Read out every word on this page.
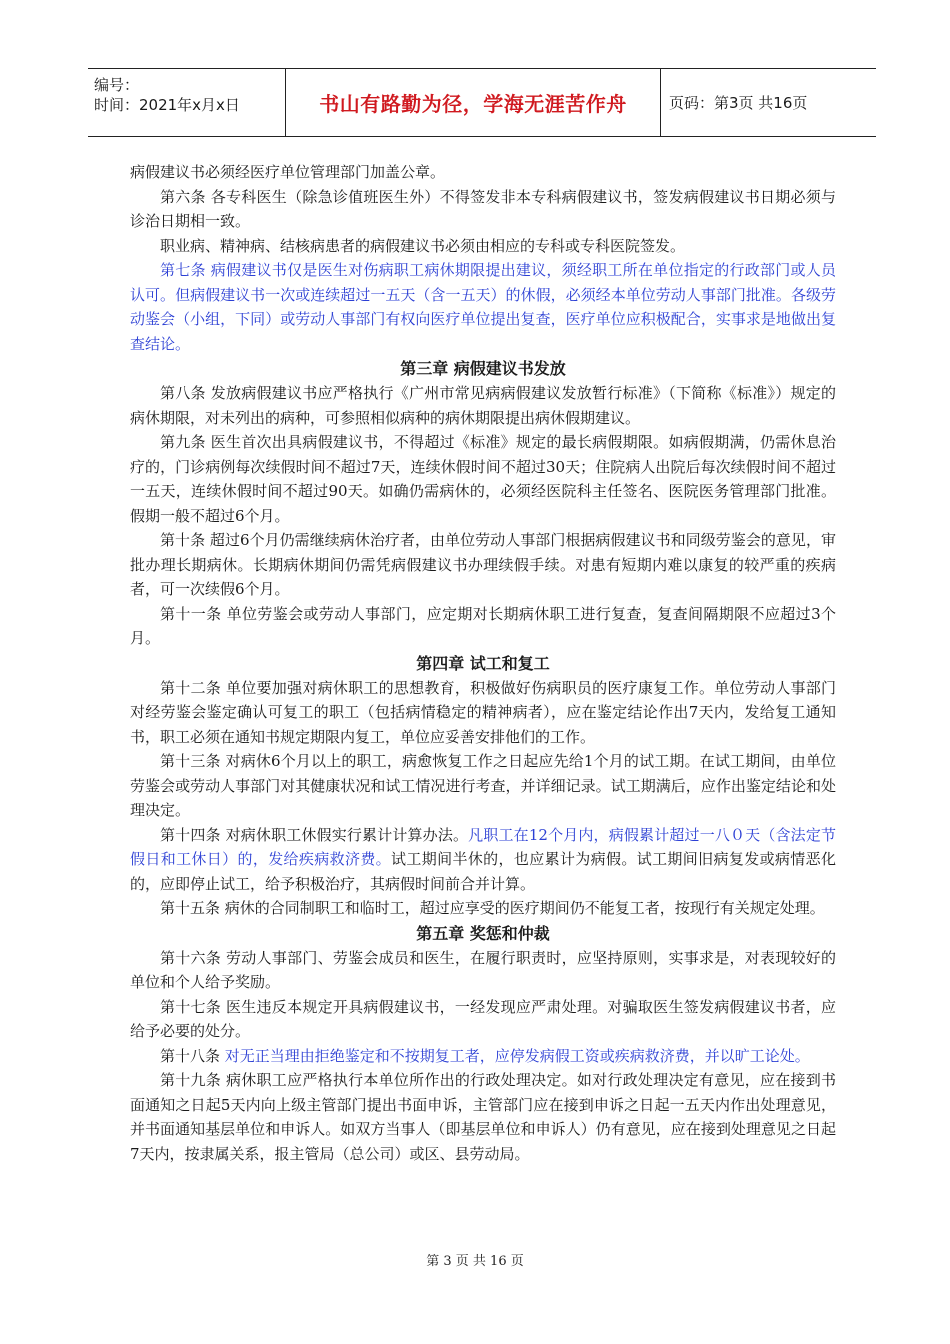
编号：
时间：2021年x月x日	书山有路勤为径，学海无涯苦作舟	页码：第3页 共16页

病假建议书必须经医疗单位管理部门加盖公章。

第六条 各专科医生（除急诊值班医生外）不得签发非本专科病假建议书，签发病假建议书日期必须与诊治日期相一致。

职业病、精神病、结核病患者的病假建议书必须由相应的专科或专科医院签发。

第七条 病假建议书仅是医生对伤病职工病休期限提出建议，须经职工所在单位指定的行政部门或人员认可。但病假建议书一次或连续超过一五天（含一五天）的休假，必须经本单位劳动人事部门批准。各级劳动鉴会（小组，下同）或劳动人事部门有权向医疗单位提出复查，医疗单位应积极配合，实事求是地做出复查结论。

第三章 病假建议书发放

第八条 发放病假建议书应严格执行《广州市常见病病假建议发放暂行标准》（下简称《标准》）规定的病休期限，对未列出的病种，可参照相似病种的病休期限提出病休假期建议。

第九条 医生首次出具病假建议书，不得超过《标准》规定的最长病假期限。如病假期满，仍需休息治疗的，门诊病例每次续假时间不超过7天，连续休假时间不超过30天；住院病人出院后每次续假时间不超过一五天，连续休假时间不超过90天。如确仍需病休的，必须经医院科主任签名、医院医务管理部门批准。假期一般不超过6个月。

第十条 超过6个月仍需继续病休治疗者，由单位劳动人事部门根据病假建议书和同级劳鉴会的意见，审批办理长期病休。长期病休期间仍需凭病假建议书办理续假手续。对患有短期内难以康复的较严重的疾病者，可一次续假6个月。

第十一条 单位劳鉴会或劳动人事部门，应定期对长期病休职工进行复查，复查间隔期限不应超过3个月。

第四章 试工和复工

第十二条 单位要加强对病休职工的思想教育，积极做好伤病职员的医疗康复工作。单位劳动人事部门对经劳鉴会鉴定确认可复工的职工（包括病情稳定的精神病者），应在鉴定结论作出7天内，发给复工通知书，职工必须在通知书规定期限内复工，单位应妥善安排他们的工作。

第十三条 对病休6个月以上的职工，病愈恢复工作之日起应先给1个月的试工期。在试工期间，由单位劳鉴会或劳动人事部门对其健康状况和试工情况进行考查，并详细记录。试工期满后，应作出鉴定结论和处理决定。

第十四条 对病休职工休假实行累计计算办法。凡职工在12个月内，病假累计超过一八０天（含法定节假日和工休日）的，发给疾病救济费。试工期间半休的，也应累计为病假。试工期间旧病复发或病情恶化的，应即停止试工，给予积极治疗，其病假时间前合并计算。

第十五条 病休的合同制职工和临时工，超过应享受的医疗期间仍不能复工者，按现行有关规定处理。

第五章 奖惩和仲裁

第十六条 劳动人事部门、劳鉴会成员和医生，在履行职责时，应坚持原则，实事求是，对表现较好的单位和个人给予奖励。

第十七条 医生违反本规定开具病假建议书，一经发现应严肃处理。对骗取医生签发病假建议书者，应给予必要的处分。

第十八条 对无正当理由拒绝鉴定和不按期复工者，应停发病假工资或疾病救济费，并以旷工论处。

第十九条 病休职工应严格执行本单位所作出的行政处理决定。如对行政处理决定有意见，应在接到书面通知之日起5天内向上级主管部门提出书面申诉，主管部门应在接到申诉之日起一五天内作出处理意见，并书面通知基层单位和申诉人。如双方当事人（即基层单位和申诉人）仍有意见，应在接到处理意见之日起7天内，按隶属关系，报主管局（总公司）或区、县劳动局。

第 3 页 共 16 页
